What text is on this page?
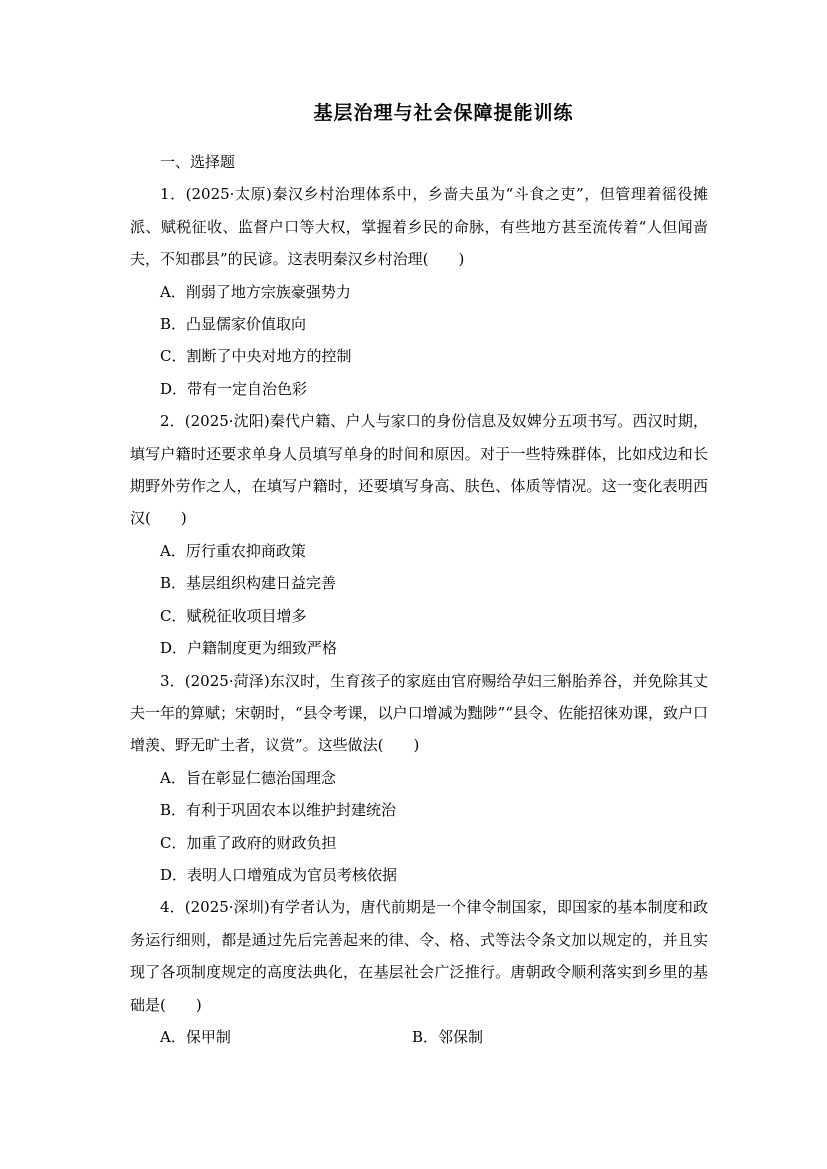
基层治理与社会保障提能训练

一、选择题

1．(2025·太原)秦汉乡村治理体系中，乡啬夫虽为“斗食之吏”，但管理着徭役摊派、赋税征收、监督户口等大权，掌握着乡民的命脉，有些地方甚至流传着“人但闻啬夫，不知郡县”的民谚。这表明秦汉乡村治理(　　)

A．削弱了地方宗族豪强势力

B．凸显儒家价值取向

C．割断了中央对地方的控制

D．带有一定自治色彩

2．(2025·沈阳)秦代户籍、户人与家口的身份信息及奴婢分五项书写。西汉时期，填写户籍时还要求单身人员填写单身的时间和原因。对于一些特殊群体，比如戍边和长期野外劳作之人，在填写户籍时，还要填写身高、肤色、体质等情况。这一变化表明西汉(　　)

A．厉行重农抑商政策

B．基层组织构建日益完善

C．赋税征收项目增多

D．户籍制度更为细致严格

3．(2025·菏泽)东汉时，生育孩子的家庭由官府赐给孕妇三斛胎养谷，并免除其丈夫一年的算赋；宋朝时，“县令考课，以户口增减为黜陟”“县令、佐能招徕劝课，致户口增羡、野无旷土者，议赏”。这些做法(　　)

A．旨在彰显仁德治国理念

B．有利于巩固农本以维护封建统治

C．加重了政府的财政负担

D．表明人口增殖成为官员考核依据

4．(2025·深圳)有学者认为，唐代前期是一个律令制国家，即国家的基本制度和政务运行细则，都是通过先后完善起来的律、令、格、式等法令条文加以规定的，并且实现了各项制度规定的高度法典化，在基层社会广泛推行。唐朝政令顺利落实到乡里的基础是(　　)

A．保甲制	B．邻保制
